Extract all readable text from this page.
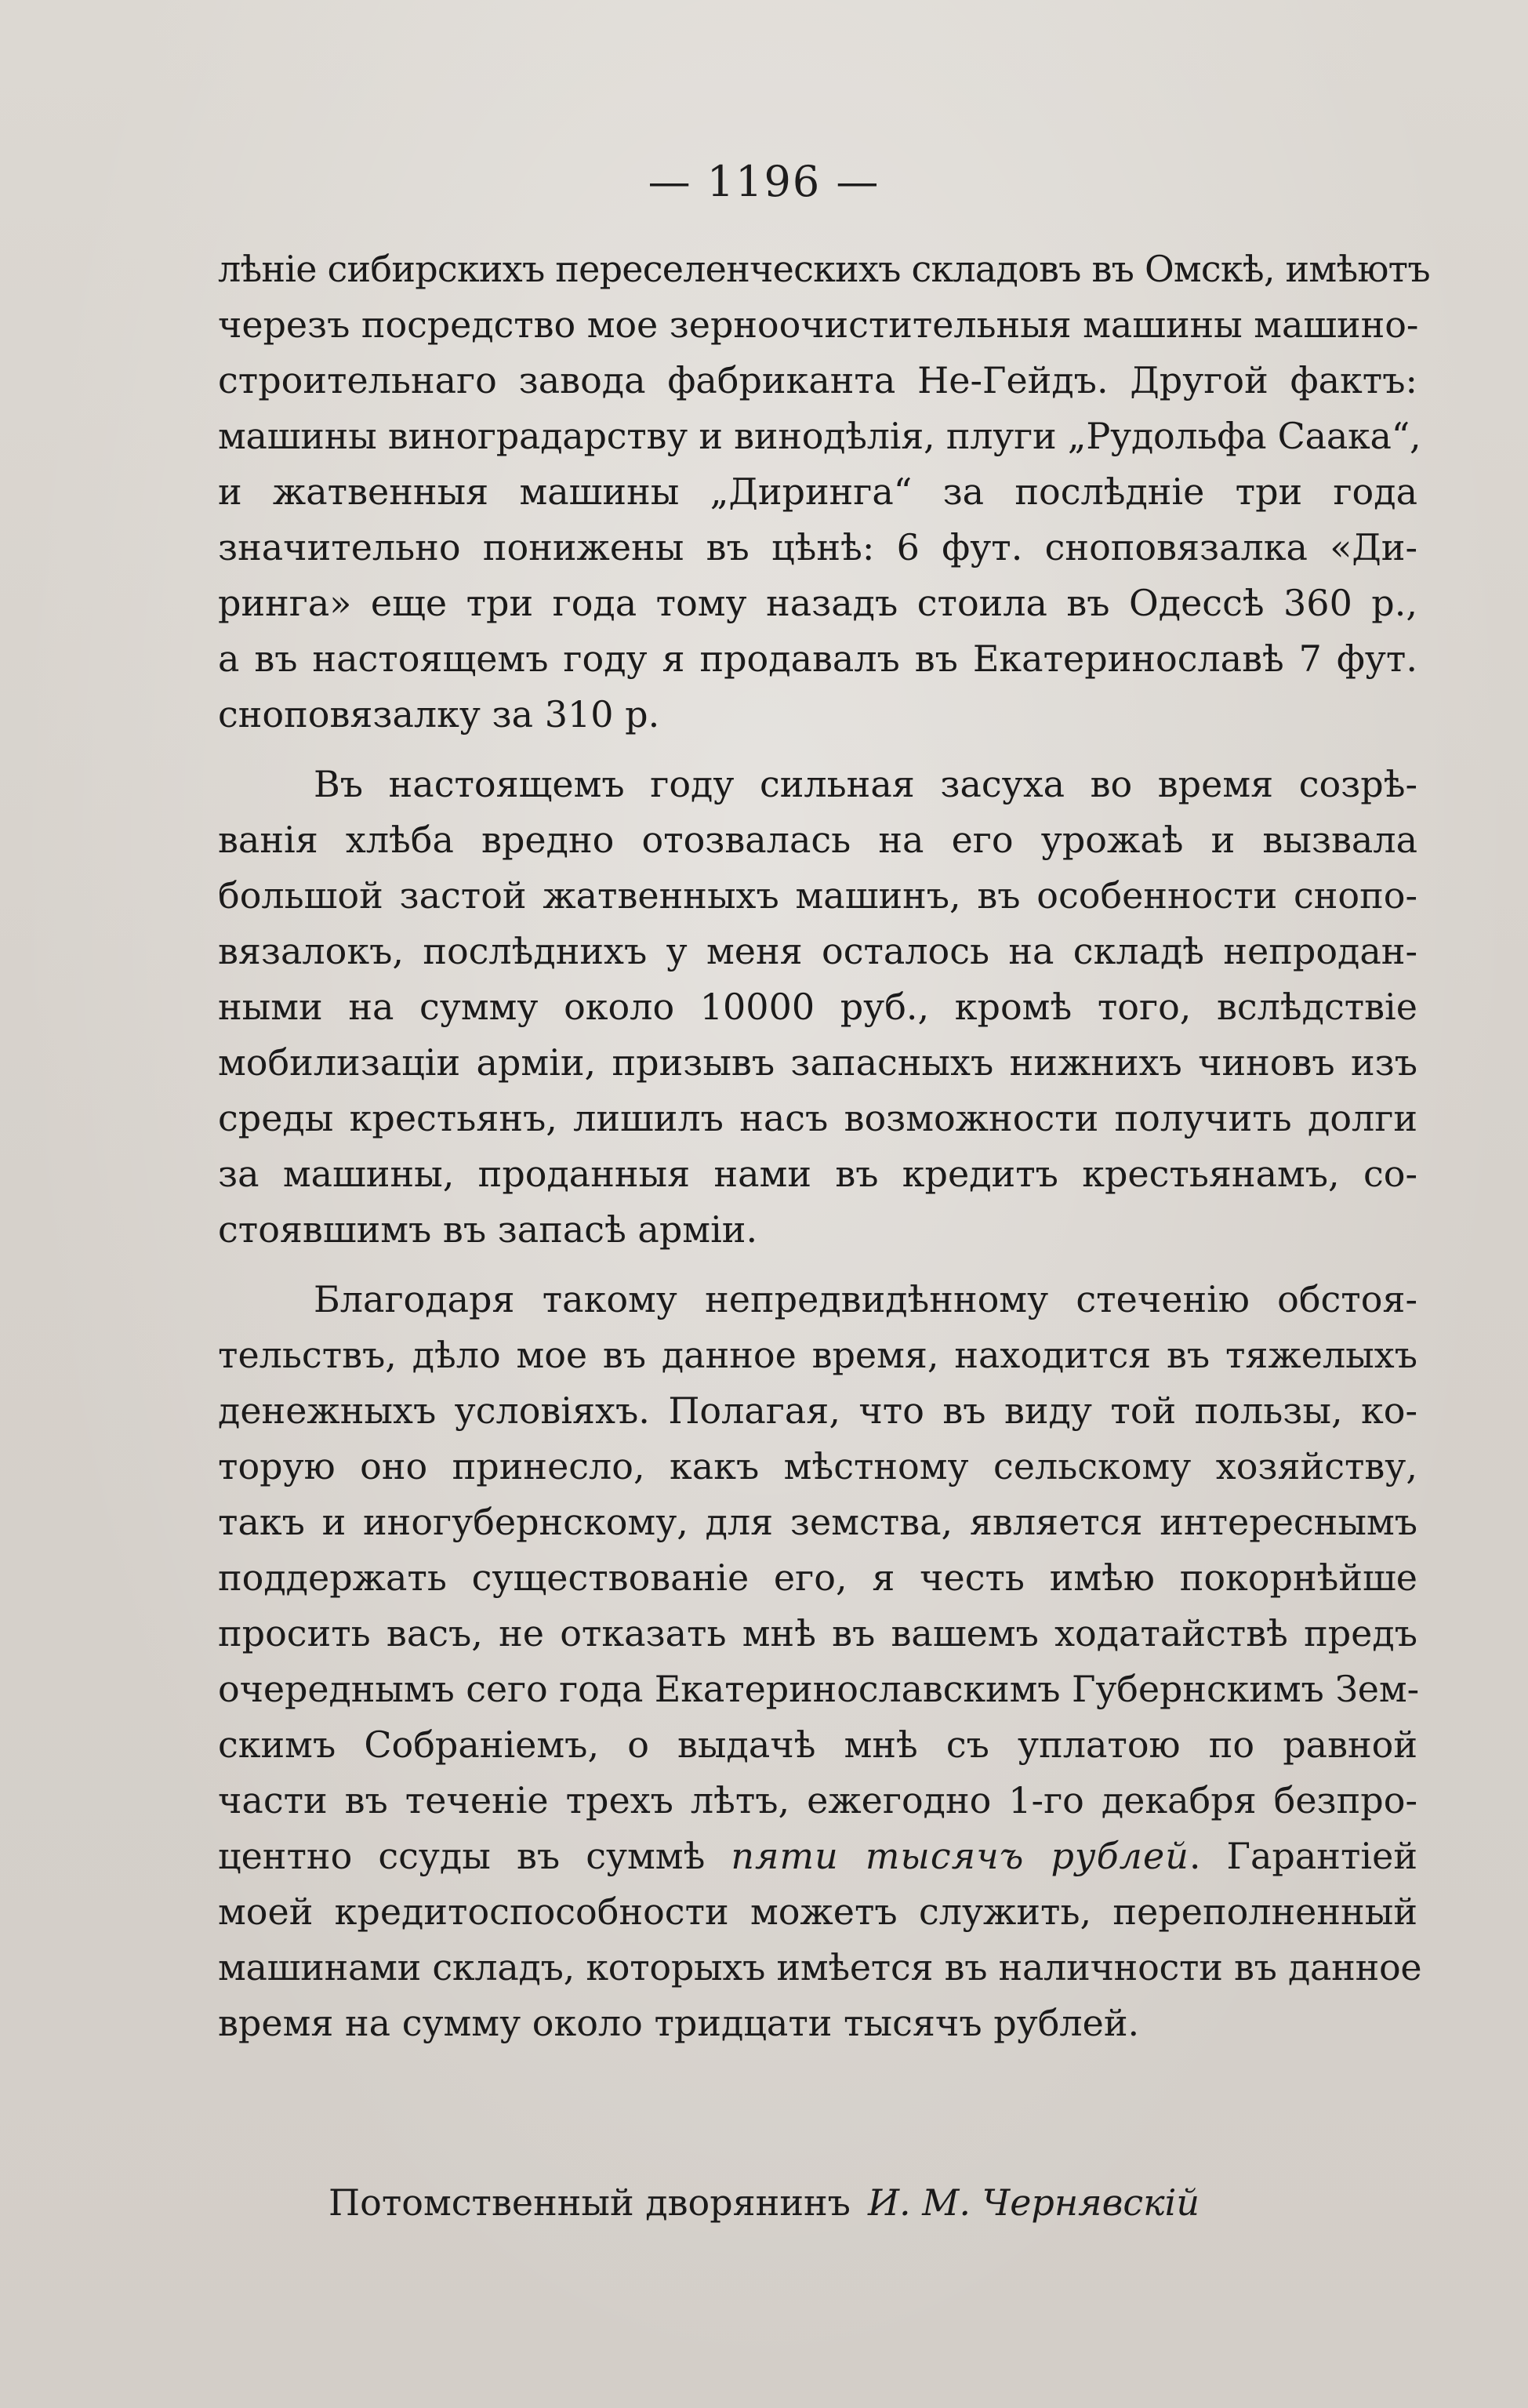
— 1196 —
лѣніе сибирскихъ переселенческихъ складовъ въ Омскѣ, имѣютъ
черезъ посредство мое зерноочистительныя машины машино-
строительнаго завода фабриканта Не-Гейдъ. Другой фактъ:
машины виноградарству и винодѣлія, плуги „Рудольфа Саака“,
и жатвенныя машины „Диринга“ за послѣдніе три года
значительно понижены въ цѣнѣ: 6 фут. сноповязалка «Ди-
ринга» еще три года тому назадъ стоила въ Одессѣ 360 р.,
а въ настоящемъ году я продавалъ въ Екатеринославѣ 7 фут.
сноповязалку за 310 р.
Въ настоящемъ году сильная засуха во время созрѣ-
ванія хлѣба вредно отозвалась на его урожаѣ и вызвала
большой застой жатвенныхъ машинъ, въ особенности снопо-
вязалокъ, послѣднихъ у меня осталось на складѣ непродан-
ными на сумму около 10000 руб., кромѣ того, вслѣдствіе
мобилизаціи арміи, призывъ запасныхъ нижнихъ чиновъ изъ
среды крестьянъ, лишилъ насъ возможности получить долги
за машины, проданныя нами въ кредитъ крестьянамъ, со-
стоявшимъ въ запасѣ арміи.
Благодаря такому непредвидѣнному стеченію обстоя-
тельствъ, дѣло мое въ данное время, находится въ тяжелыхъ
денежныхъ условіяхъ. Полагая, что въ виду той пользы, ко-
торую оно принесло, какъ мѣстному сельскому хозяйству,
такъ и иногубернскому, для земства, является интереснымъ
поддержать существованіе его, я честь имѣю покорнѣйше
просить васъ, не отказать мнѣ въ вашемъ ходатайствѣ предъ
очереднымъ сего года Екатеринославскимъ Губернскимъ Зем-
скимъ Собраніемъ, о выдачѣ мнѣ съ уплатою по равной
части въ теченіе трехъ лѣтъ, ежегодно 1-го декабря безпро-
центно ссуды въ суммѣ пяти тысячъ рублей. Гарантіей
моей кредитоспособности можетъ служить, переполненный
машинами складъ, которыхъ имѣется въ наличности въ данное
время на сумму около тридцати тысячъ рублей.
Потомственный дворянинъ И. М. Чернявскій
